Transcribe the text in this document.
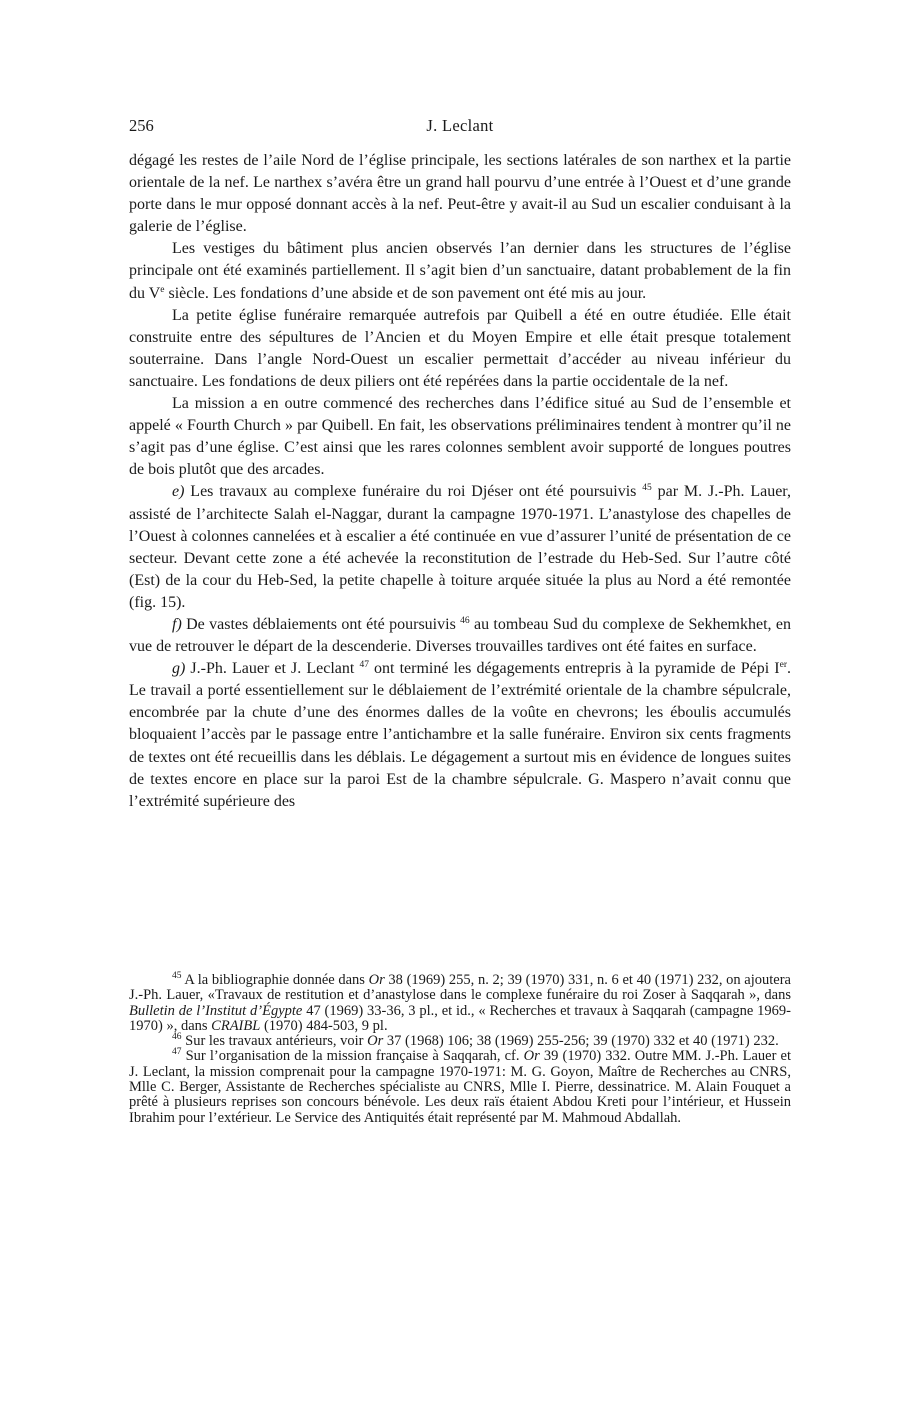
256	J. Leclant

dégagé les restes de l’aile Nord de l’église principale, les sections latérales de son narthex et la partie orientale de la nef. Le narthex s’avéra être un grand hall pourvu d’une entrée à l’Ouest et d’une grande porte dans le mur opposé donnant accès à la nef. Peut-être y avait-il au Sud un escalier conduisant à la galerie de l’église.

Les vestiges du bâtiment plus ancien observés l’an dernier dans les structures de l’église principale ont été examinés partiellement. Il s’agit bien d’un sanctuaire, datant probablement de la fin du Ve siècle. Les fondations d’une abside et de son pavement ont été mis au jour.

La petite église funéraire remarquée autrefois par Quibell a été en outre étudiée. Elle était construite entre des sépultures de l’Ancien et du Moyen Empire et elle était presque totalement souterraine. Dans l’angle Nord-Ouest un escalier permettait d’accéder au niveau inférieur du sanctuaire. Les fondations de deux piliers ont été repérées dans la partie occidentale de la nef.

La mission a en outre commencé des recherches dans l’édifice situé au Sud de l’ensemble et appelé « Fourth Church » par Quibell. En fait, les observations préliminaires tendent à montrer qu’il ne s’agit pas d’une église. C’est ainsi que les rares colonnes semblent avoir supporté de longues poutres de bois plutôt que des arcades.

e) Les travaux au complexe funéraire du roi Djéser ont été poursuivis $^{45}$ par M. J.-Ph. Lauer, assisté de l’architecte Salah el-Naggar, durant la campagne 1970-1971. L’anastylose des chapelles de l’Ouest à colonnes cannelées et à escalier a été continuée en vue d’assurer l’unité de présentation de ce secteur. Devant cette zone a été achevée la reconstitution de l’estrade du Heb-Sed. Sur l’autre côté (Est) de la cour du Heb-Sed, la petite chapelle à toiture arquée située la plus au Nord a été remontée (fig. 15).

f) De vastes déblaiements ont été poursuivis $^{46}$ au tombeau Sud du complexe de Sekhemkhet, en vue de retrouver le départ de la descenderie. Diverses trouvailles tardives ont été faites en surface.

g) J.-Ph. Lauer et J. Leclant $^{47}$ ont terminé les dégagements entrepris à la pyramide de Pépi Ier. Le travail a porté essentiellement sur le déblaiement de l’extrémité orientale de la chambre sépulcrale, encombrée par la chute d’une des énormes dalles de la voûte en chevrons; les éboulis accumulés bloquaient l’accès par le passage entre l’antichambre et la salle funéraire. Environ six cents fragments de textes ont été recueillis dans les déblais. Le dégagement a surtout mis en évidence de longues suites de textes encore en place sur la paroi Est de la chambre sépulcrale. G. Maspero n’avait connu que l’extrémité supérieure des

$^{45}$ A la bibliographie donnée dans Or 38 (1969) 255, n. 2; 39 (1970) 331, n. 6 et 40 (1971) 232, on ajoutera J.-Ph. Lauer, «Travaux de restitution et d’anastylose dans le complexe funéraire du roi Zoser à Saqqarah », dans Bulletin de l’Institut d’Égypte 47 (1969) 33-36, 3 pl., et id., « Recherches et travaux à Saqqarah (campagne 1969-1970) », dans CRAIBL (1970) 484-503, 9 pl.

$^{46}$ Sur les travaux antérieurs, voir Or 37 (1968) 106; 38 (1969) 255-256; 39 (1970) 332 et 40 (1971) 232.

$^{47}$ Sur l’organisation de la mission française à Saqqarah, cf. Or 39 (1970) 332. Outre MM. J.-Ph. Lauer et J. Leclant, la mission comprenait pour la campagne 1970-1971: M. G. Goyon, Maître de Recherches au CNRS, Mlle C. Berger, Assistante de Recherches spécialiste au CNRS, Mlle I. Pierre, dessinatrice. M. Alain Fouquet a prêté à plusieurs reprises son concours bénévole. Les deux raïs étaient Abdou Kreti pour l’intérieur, et Hussein Ibrahim pour l’extérieur. Le Service des Antiquités était représenté par M. Mahmoud Abdallah.
